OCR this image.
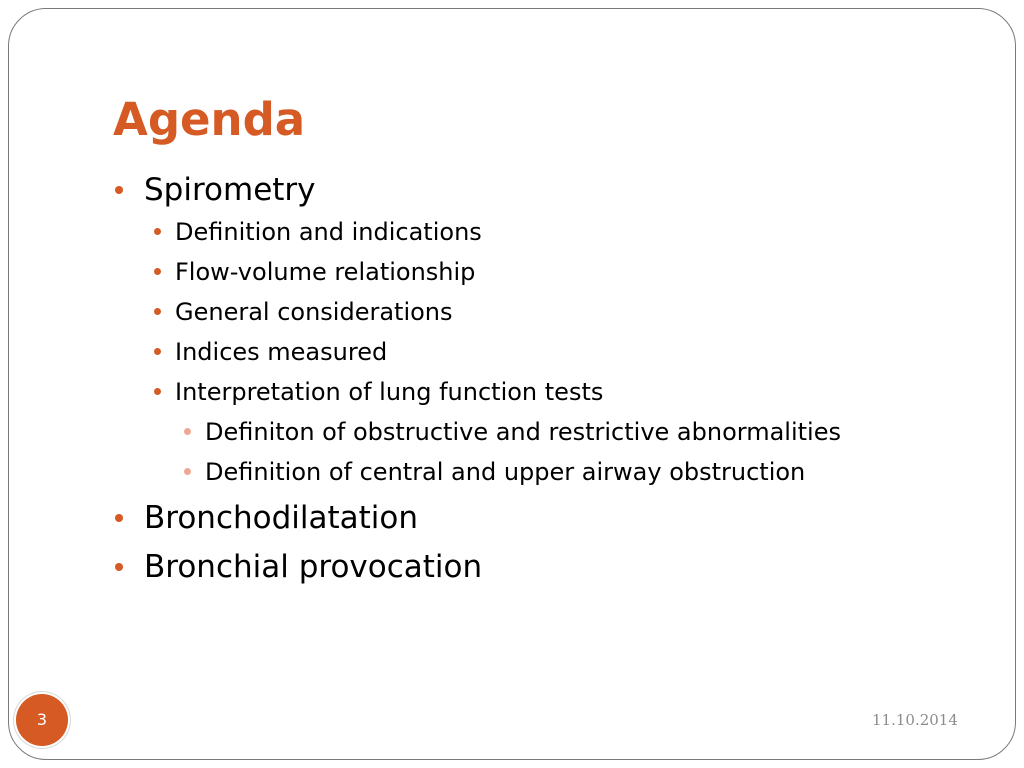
Agenda
Spirometry
Definition and indications
Flow-volume relationship
General considerations
Indices measured
Interpretation of lung function tests
Definiton of obstructive and restrictive abnormalities
Definition of central and upper airway obstruction
Bronchodilatation
Bronchial provocation
3	11.10.2014
